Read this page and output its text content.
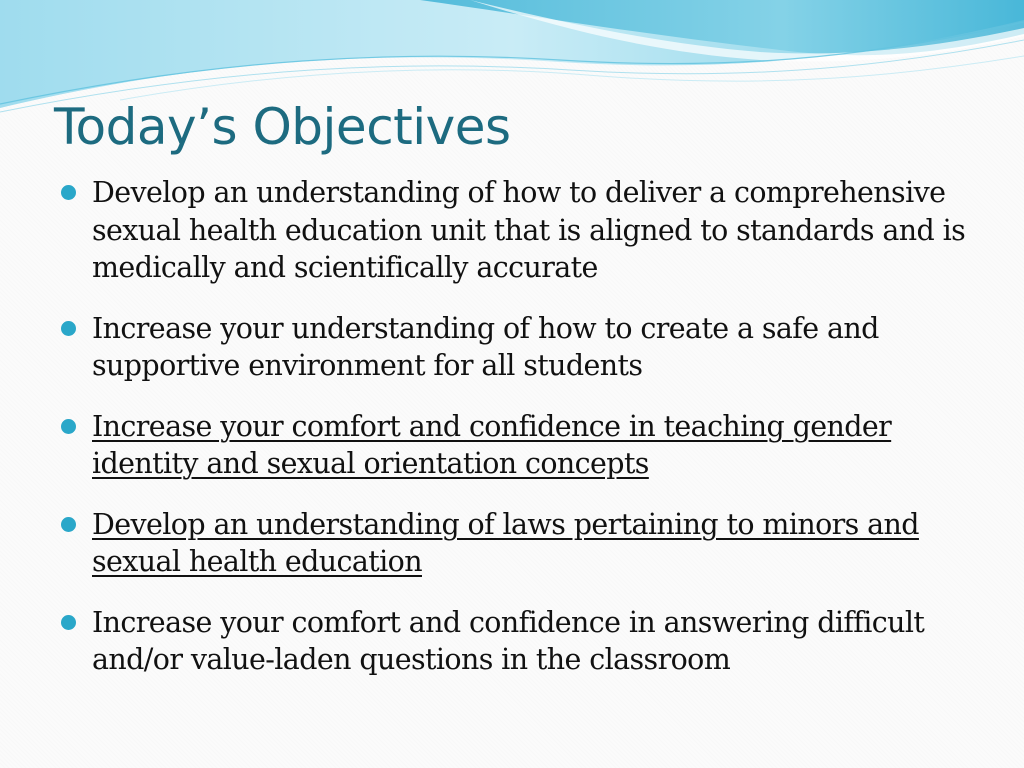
Today’s Objectives
Develop an understanding of how to deliver a comprehensive sexual health education unit that is aligned to standards and is medically and scientifically accurate
Increase your understanding of how to create a safe and supportive environment for all students
Increase your comfort and confidence in teaching gender identity and sexual orientation concepts
Develop an understanding of laws pertaining to minors and sexual health education
Increase your comfort and confidence in answering difficult and/or value-laden questions in the classroom
